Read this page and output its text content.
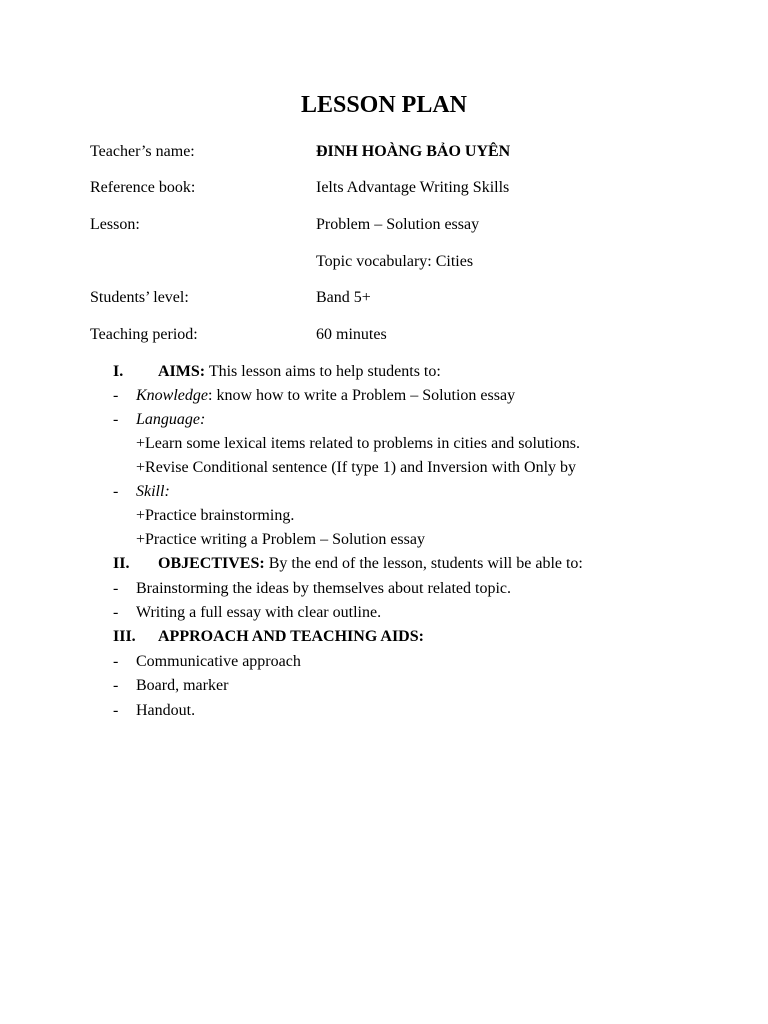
LESSON PLAN
Teacher’s name:	ĐINH HOÀNG BẢO UYÊN
Reference book:	Ielts Advantage Writing Skills
Lesson:	Problem – Solution essay
Topic vocabulary: Cities
Students’ level:	Band 5+
Teaching period:	60 minutes
I. AIMS: This lesson aims to help students to:
- Knowledge: know how to write a Problem – Solution essay
- Language:
+Learn some lexical items related to problems in cities and solutions.
+Revise Conditional sentence (If type 1) and Inversion with Only by
- Skill:
+Practice brainstorming.
+Practice writing a Problem – Solution essay
II. OBJECTIVES: By the end of the lesson, students will be able to:
- Brainstorming the ideas by themselves about related topic.
- Writing a full essay with clear outline.
III. APPROACH AND TEACHING AIDS:
- Communicative approach
- Board, marker
- Handout.
